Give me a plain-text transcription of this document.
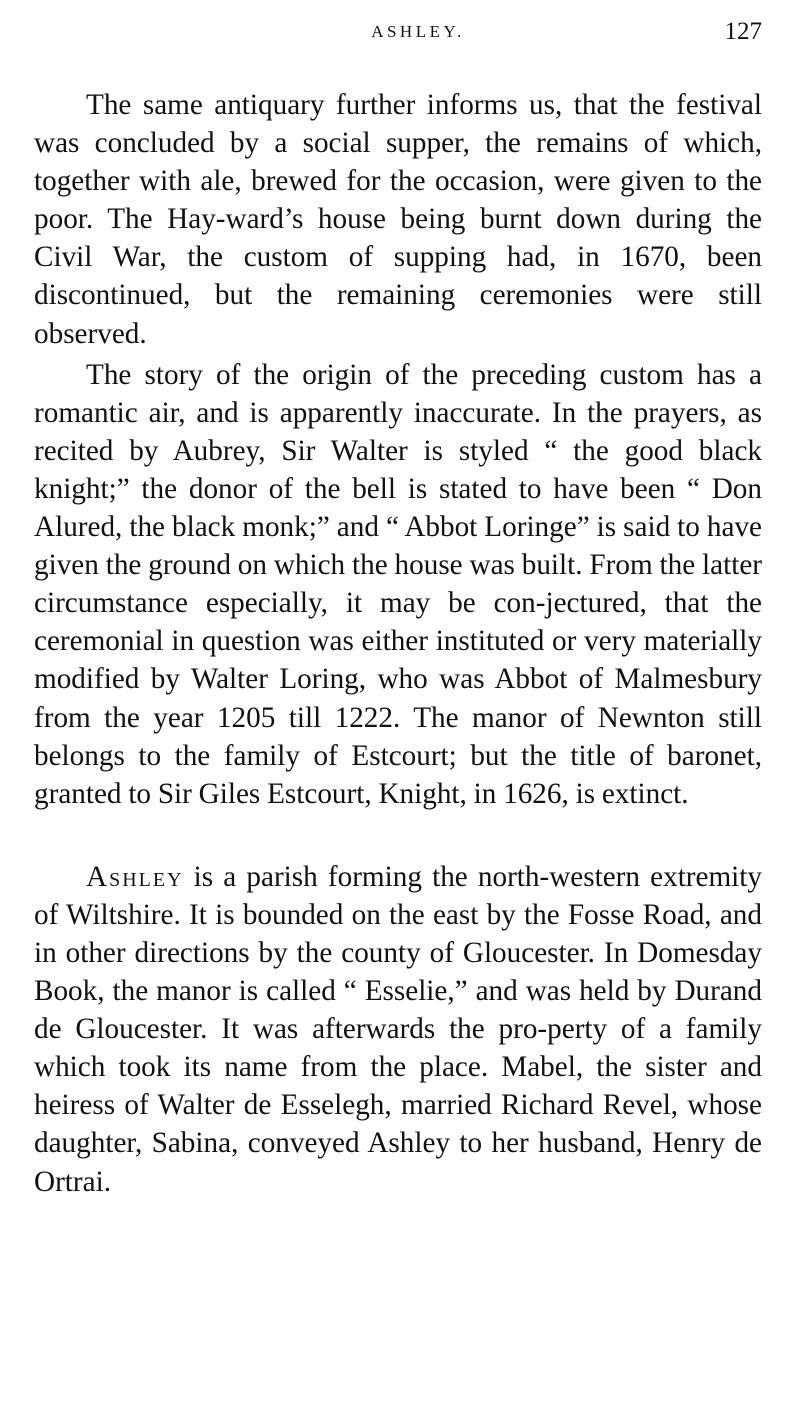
ASHLEY.	127

The same antiquary further informs us, that the festival was concluded by a social supper, the remains of which, together with ale, brewed for the occasion, were given to the poor. The Hay-ward’s house being burnt down during the Civil War, the custom of supping had, in 1670, been discontinued, but the remaining ceremonies were still observed.

The story of the origin of the preceding custom has a romantic air, and is apparently inaccurate. In the prayers, as recited by Aubrey, Sir Walter is styled “ the good black knight;” the donor of the bell is stated to have been “ Don Alured, the black monk;” and “ Abbot Loringe” is said to have given the ground on which the house was built. From the latter circumstance especially, it may be con-jectured, that the ceremonial in question was either instituted or very materially modified by Walter Loring, who was Abbot of Malmesbury from the year 1205 till 1222. The manor of Newnton still belongs to the family of Estcourt; but the title of baronet, granted to Sir Giles Estcourt, Knight, in 1626, is extinct.

Ashley is a parish forming the north-western extremity of Wiltshire. It is bounded on the east by the Fosse Road, and in other directions by the county of Gloucester. In Domesday Book, the manor is called “ Esselie,” and was held by Durand de Gloucester. It was afterwards the pro-perty of a family which took its name from the place. Mabel, the sister and heiress of Walter de Esselegh, married Richard Revel, whose daughter, Sabina, conveyed Ashley to her husband, Henry de Ortrai.
